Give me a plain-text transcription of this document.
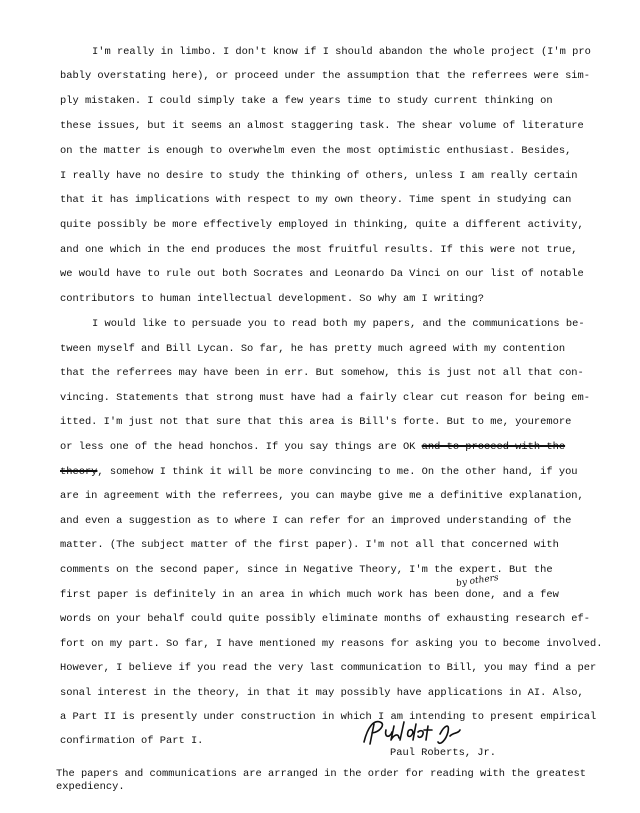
I'm really in limbo. I don't know if I should abandon the whole project (I'm pro
bably overstating here), or proceed under the assumption that the referrees were sim-
ply mistaken. I could simply take a few years time to study current thinking on
these issues, but it seems an almost staggering task. The shear volume of literature
on the matter is enough to overwhelm even the most optimistic enthusiast. Besides,
I really have no desire to study the thinking of others, unless I am really certain
that it has implications with respect to my own theory. Time spent in studying can
quite possibly be more effectively employed in thinking, quite a different activity,
and one which in the end produces the most fruitful results. If this were not true,
we would have to rule out both Socrates and Leonardo Da Vinci on our list of notable
contributors to human intellectual development. So why am I writing?
I would like to persuade you to read both my papers, and the communications be-
tween myself and Bill Lycan. So far, he has pretty much agreed with my contention
that the referrees may have been in err. But somehow, this is just not all that con-
vincing. Statements that strong must have had a fairly clear cut reason for being em-
itted. I'm just not that sure that this area is Bill's forte. But to me, youremore
or less one of the head honchos. If you say things are OK and to proceed with the
theory, somehow I think it will be more convincing to me. On the other hand, if you
are in agreement with the referrees, you can maybe give me a definitive explanation,
and even a suggestion as to where I can refer for an improved understanding of the
matter. (The subject matter of the first paper). I'm not all that concerned with
comments on the second paper, since in Negative Theory, I'm the expert. But the
by others
first paper is definitely in an area in which much work has been done, and a few
words on your behalf could quite possibly eliminate months of exhausting research ef-
fort on my part. So far, I have mentioned my reasons for asking you to become involved.
However, I believe if you read the very last communication to Bill, you may find a per
sonal interest in the theory, in that it may possibly have applications in AI. Also,
a Part II is presently under construction in which I am intending to present empirical
confirmation of Part I.
Paul Roberts, Jr.
The papers and communications are arranged in the order for reading with the greatest
expediency.
